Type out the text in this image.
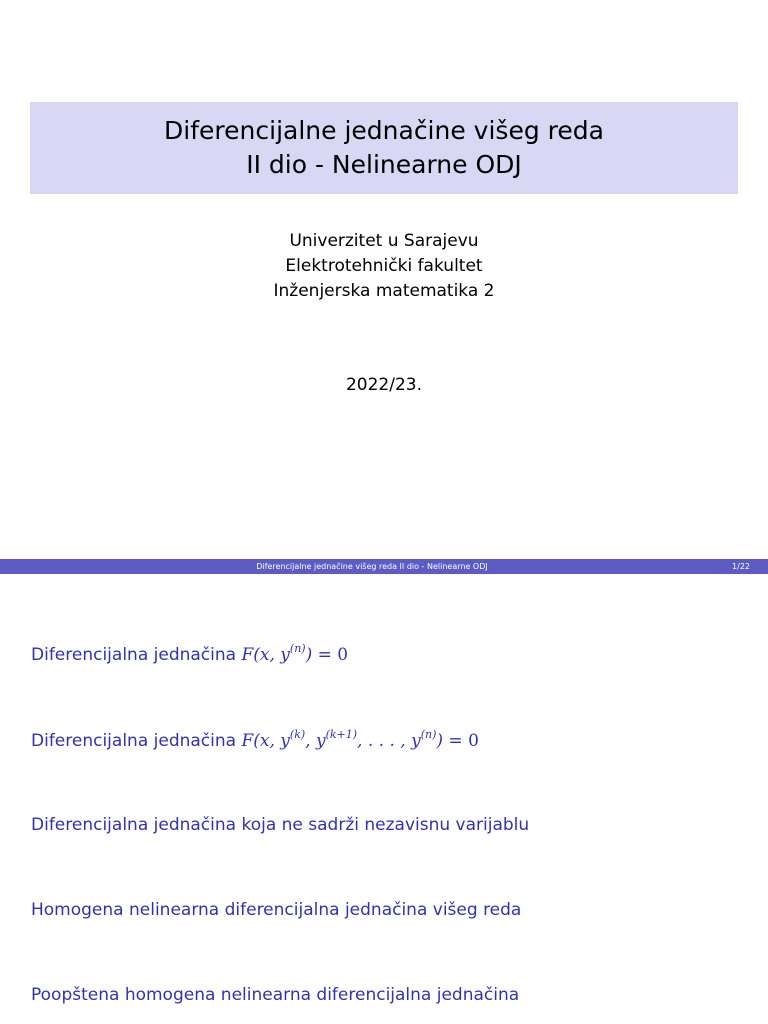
Diferencijalne jednačine višeg reda
II dio - Nelinearne ODJ
Univerzitet u Sarajevu
Elektrotehnički fakultet
Inženjerska matematika 2
2022/23.
Diferencijalne jednačine višeg reda II dio - Nelinearne ODJ	1/22
Diferencijalna jednačina F(x, $y^{(n)}) = 0$
Diferencijalna jednačina F(x, $y^{(k)}$, $y^{(k+1)}$, . . . , $y^{(n)}) = 0$
Diferencijalna jednačina koja ne sadrži nezavisnu varijablu
Homogena nelinearna diferencijalna jednačina višeg reda
Poopštena homogena nelinearna diferencijalna jednačina
